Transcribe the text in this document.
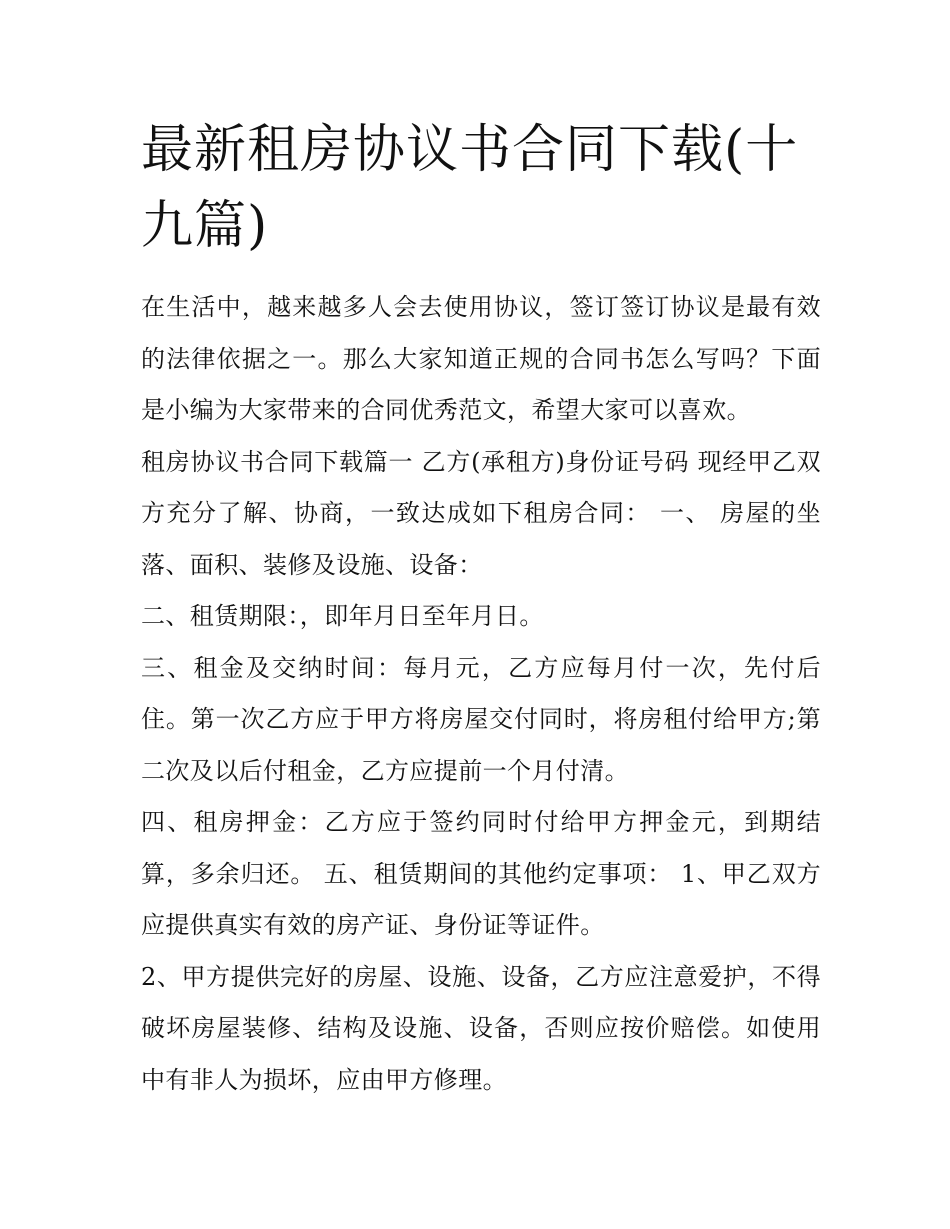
最新租房协议书合同下载(十九篇)

在生活中，越来越多人会去使用协议，签订签订协议是最有效的法律依据之一。那么大家知道正规的合同书怎么写吗？下面是小编为大家带来的合同优秀范文，希望大家可以喜欢。

租房协议书合同下载篇一 乙方(承租方)身份证号码 现经甲乙双方充分了解、协商，一致达成如下租房合同： 一、 房屋的坐落、面积、装修及设施、设备：

二、租赁期限：，即年月日至年月日。

三、租金及交纳时间：每月元，乙方应每月付一次，先付后住。第一次乙方应于甲方将房屋交付同时，将房租付给甲方;第二次及以后付租金，乙方应提前一个月付清。

四、租房押金：乙方应于签约同时付给甲方押金元，到期结算，多余归还。 五、租赁期间的其他约定事项： 1、甲乙双方应提供真实有效的房产证、身份证等证件。

2、甲方提供完好的房屋、设施、设备，乙方应注意爱护，不得破坏房屋装修、结构及设施、设备，否则应按价赔偿。如使用中有非人为损坏，应由甲方修理。
